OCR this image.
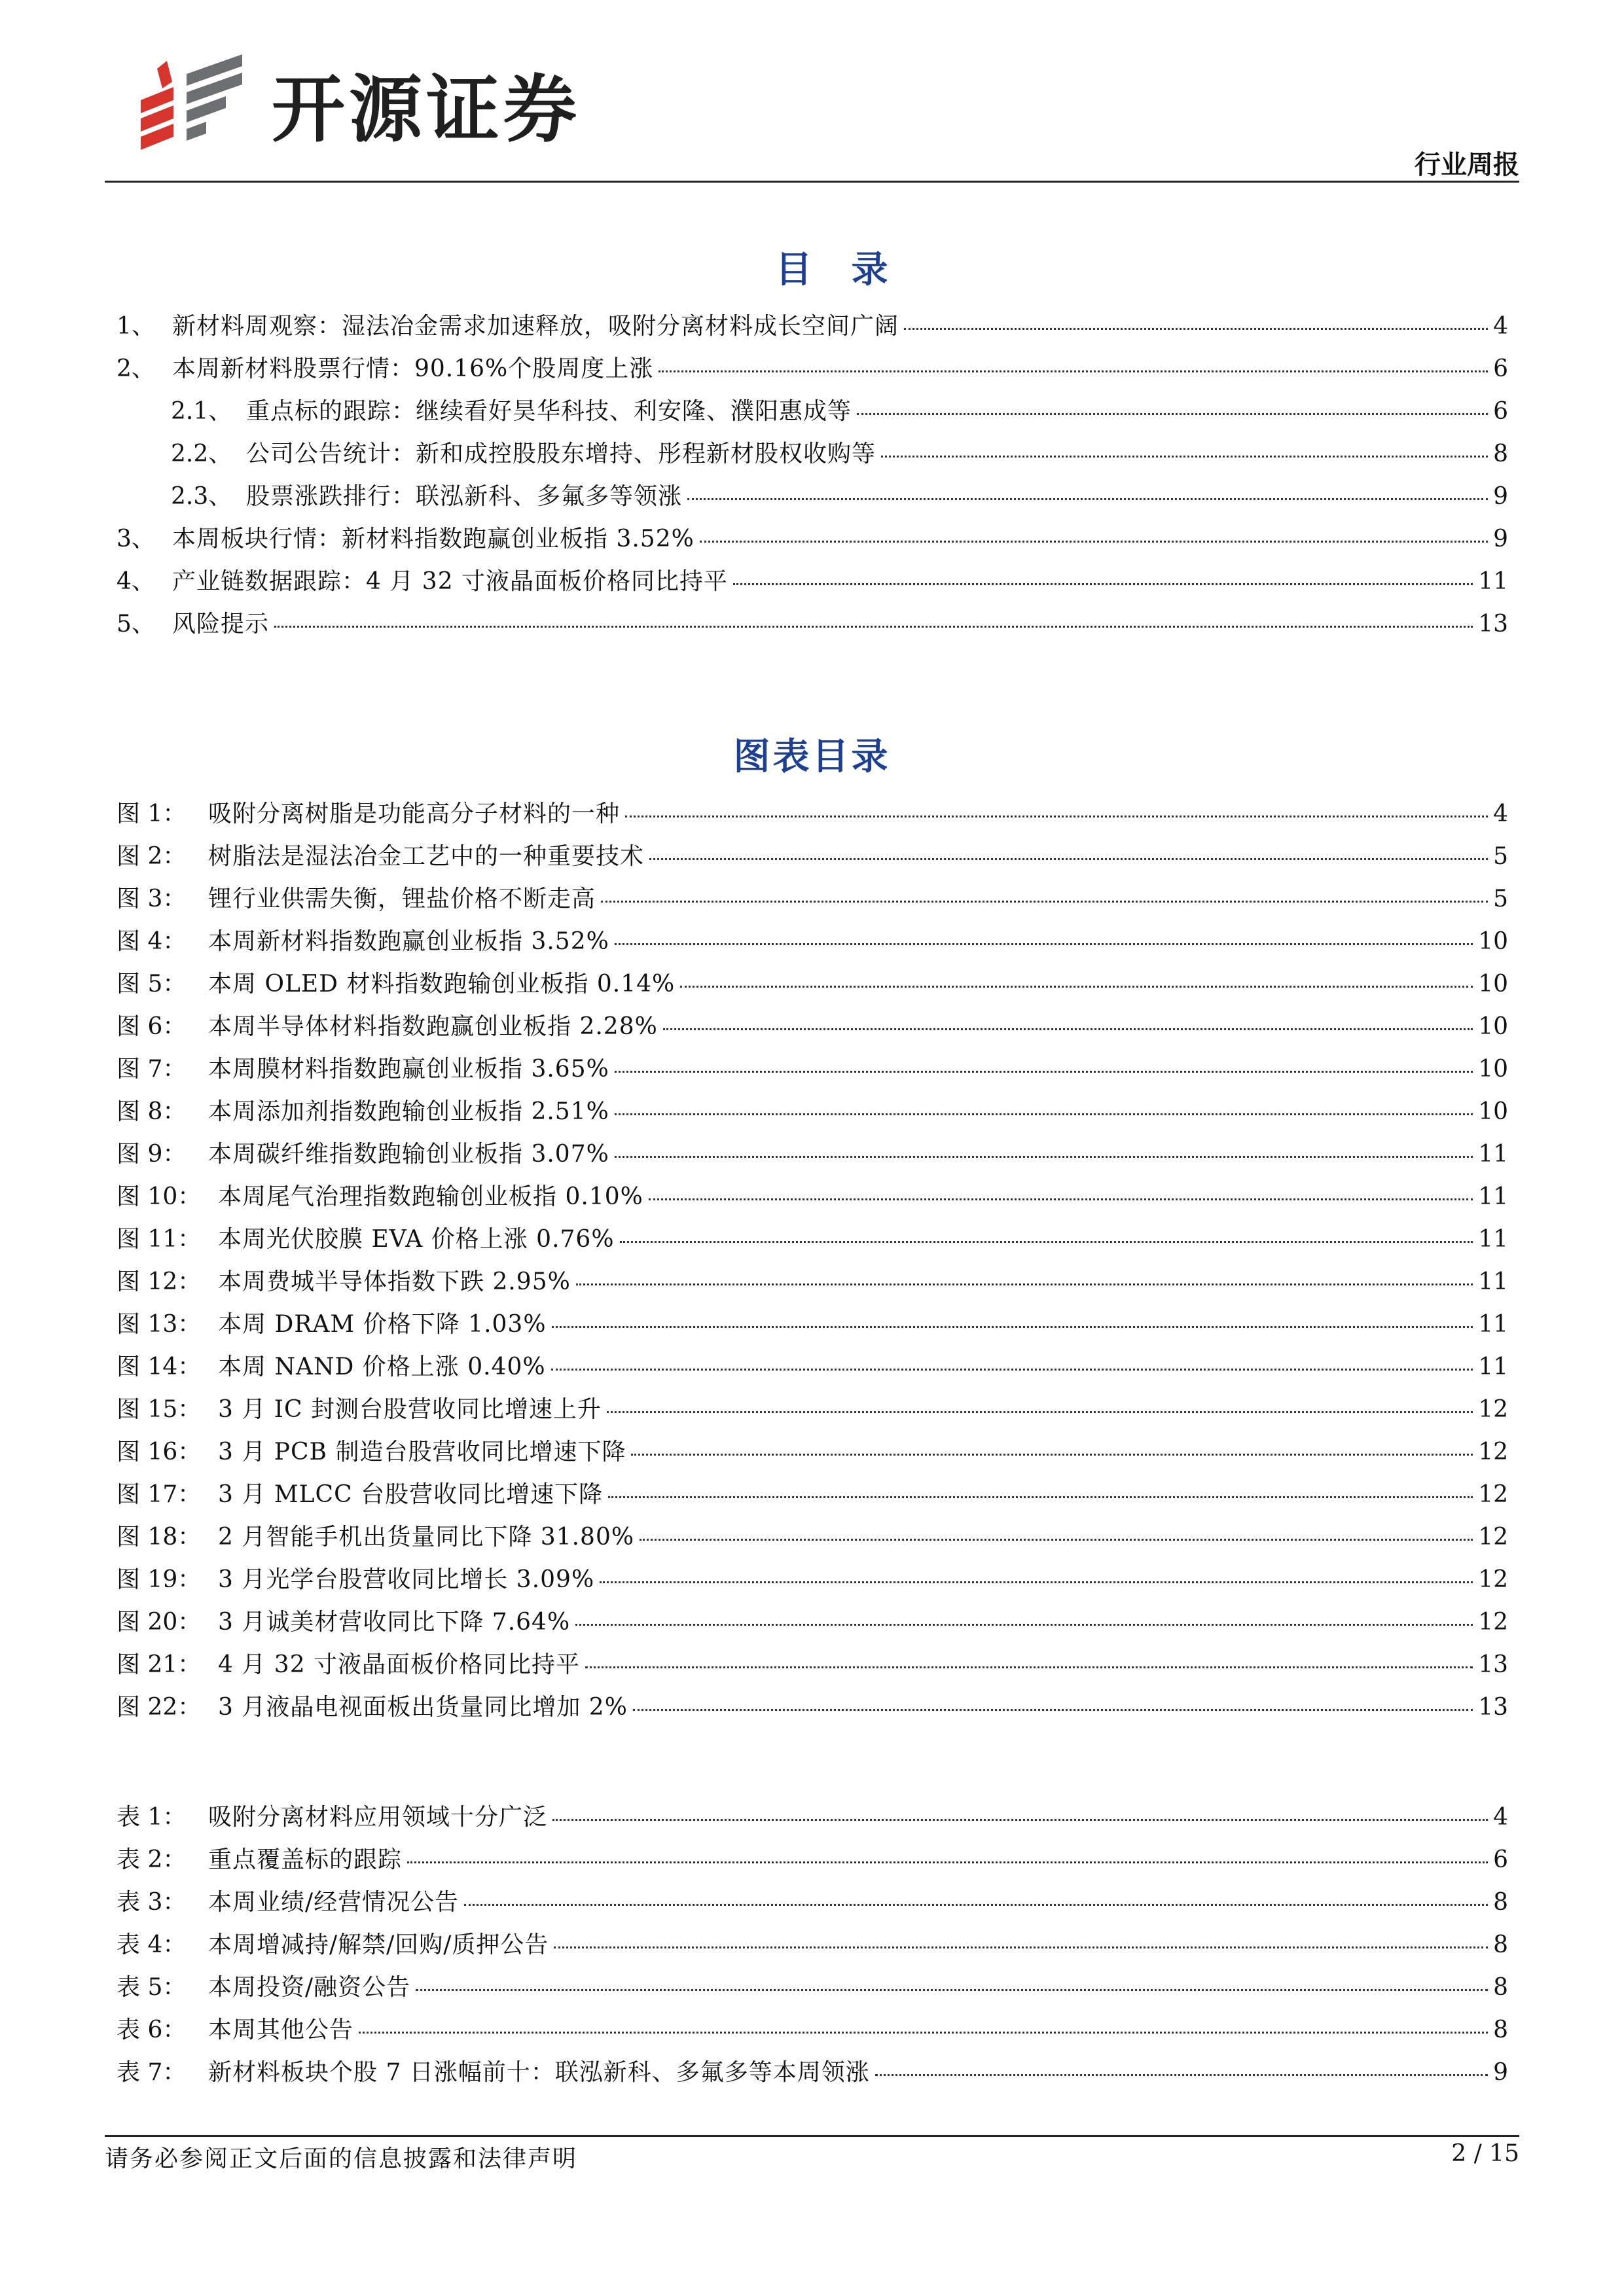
开源证券
行业周报
目录
1、 新材料周观察：湿法冶金需求加速释放，吸附分离材料成长空间广阔	4
2、 本周新材料股票行情：90.16%个股周度上涨	6
2.1、 重点标的跟踪：继续看好昊华科技、利安隆、濮阳惠成等	6
2.2、 公司公告统计：新和成控股股东增持、彤程新材股权收购等	8
2.3、 股票涨跌排行：联泓新科、多氟多等领涨	9
3、 本周板块行情：新材料指数跑赢创业板指 3.52%	9
4、 产业链数据跟踪：4 月 32 寸液晶面板价格同比持平	11
5、 风险提示	13
图表目录
图 1： 吸附分离树脂是功能高分子材料的一种	4
图 2： 树脂法是湿法冶金工艺中的一种重要技术	5
图 3： 锂行业供需失衡，锂盐价格不断走高	5
图 4： 本周新材料指数跑赢创业板指 3.52%	10
图 5： 本周 OLED 材料指数跑输创业板指 0.14%	10
图 6： 本周半导体材料指数跑赢创业板指 2.28%	10
图 7： 本周膜材料指数跑赢创业板指 3.65%	10
图 8： 本周添加剂指数跑输创业板指 2.51%	10
图 9： 本周碳纤维指数跑输创业板指 3.07%	11
图 10： 本周尾气治理指数跑输创业板指 0.10%	11
图 11： 本周光伏胶膜 EVA 价格上涨 0.76%	11
图 12： 本周费城半导体指数下跌 2.95%	11
图 13： 本周 DRAM 价格下降 1.03%	11
图 14： 本周 NAND 价格上涨 0.40%	11
图 15： 3 月 IC 封测台股营收同比增速上升	12
图 16： 3 月 PCB 制造台股营收同比增速下降	12
图 17： 3 月 MLCC 台股营收同比增速下降	12
图 18： 2 月智能手机出货量同比下降 31.80%	12
图 19： 3 月光学台股营收同比增长 3.09%	12
图 20： 3 月诚美材营收同比下降 7.64%	12
图 21： 4 月 32 寸液晶面板价格同比持平	13
图 22： 3 月液晶电视面板出货量同比增加 2%	13
表 1： 吸附分离材料应用领域十分广泛	4
表 2： 重点覆盖标的跟踪	6
表 3： 本周业绩/经营情况公告	8
表 4： 本周增减持/解禁/回购/质押公告	8
表 5： 本周投资/融资公告	8
表 6： 本周其他公告	8
表 7： 新材料板块个股 7 日涨幅前十：联泓新科、多氟多等本周领涨	9
请务必参阅正文后面的信息披露和法律声明	2 / 15
